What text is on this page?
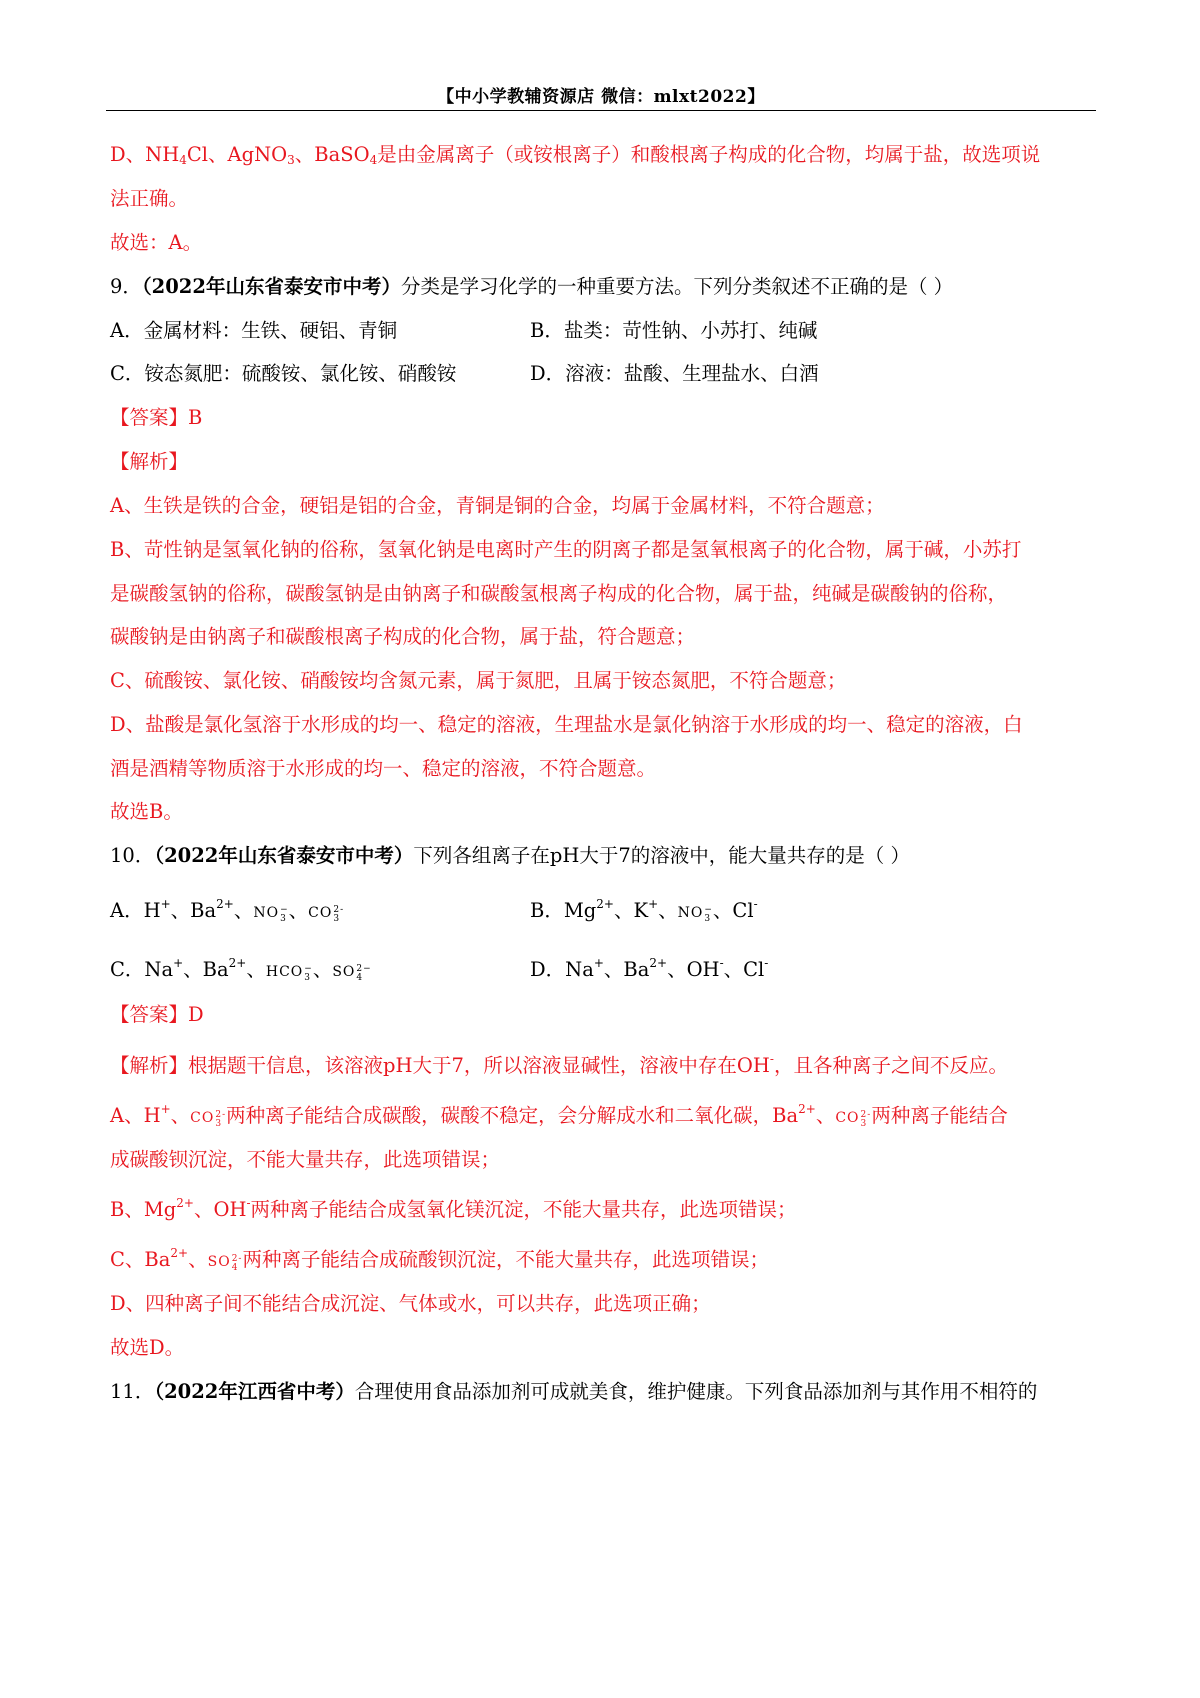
【中小学教辅资源店 微信：mlxt2022】
D、$NH_4Cl$、AgNO$_3$、BaSO$_4$是由金属离子（或铵根离子）和酸根离子构成的化合物，均属于盐，故选项说
法正确。
故选：A。
9．（2022年山东省泰安市中考）分类是学习化学的一种重要方法。下列分类叙述不正确的是（ ）
A．金属材料：生铁、硬铝、青铜	B．盐类：苛性钠、小苏打、纯碱
C．铵态氮肥：硫酸铵、氯化铵、硝酸铵	D．溶液：盐酸、生理盐水、白酒
【答案】B
【解析】
A、生铁是铁的合金，硬铝是铝的合金，青铜是铜的合金，均属于金属材料，不符合题意；
B、苛性钠是氢氧化钠的俗称，氢氧化钠是电离时产生的阴离子都是氢氧根离子的化合物，属于碱，小苏打
是碳酸氢钠的俗称，碳酸氢钠是由钠离子和碳酸氢根离子构成的化合物，属于盐，纯碱是碳酸钠的俗称，
碳酸钠是由钠离子和碳酸根离子构成的化合物，属于盐，符合题意；
C、硫酸铵、氯化铵、硝酸铵均含氮元素，属于氮肥，且属于铵态氮肥，不符合题意；
D、盐酸是氯化氢溶于水形成的均一、稳定的溶液，生理盐水是氯化钠溶于水形成的均一、稳定的溶液，白
酒是酒精等物质溶于水形成的均一、稳定的溶液，不符合题意。
故选B。
10．（2022年山东省泰安市中考）下列各组离子在pH大于7的溶液中，能大量共存的是（ ）
A．H+、$Ba^{2+}$、NO −
3 、CO 2-
3	B．$Mg^{2+}$、K+、NO −
3 、Cl-
C．Na+、$Ba^{2+}$、HCO −
3 、SO 2−
4	D．Na+、$Ba^{2+}$、OH-、Cl-
【答案】D
【解析】根据题干信息，该溶液pH大于7，所以溶液显碱性，溶液中存在OH-，且各种离子之间不反应。
A、H+、CO 2-
3 两种离子能结合成碳酸，碳酸不稳定，会分解成水和二氧化碳，$Ba^{2+}$、CO 2-
3 两种离子能结合
成碳酸钡沉淀，不能大量共存，此选项错误；
B、$Mg^{2+}$、OH-两种离子能结合成氢氧化镁沉淀，不能大量共存，此选项错误；
C、$Ba^{2+}$、SO 2-
4 两种离子能结合成硫酸钡沉淀，不能大量共存，此选项错误；
D、四种离子间不能结合成沉淀、气体或水，可以共存，此选项正确；
故选D。
11．（2022年江西省中考）合理使用食品添加剂可成就美食，维护健康。下列食品添加剂与其作用不相符的
